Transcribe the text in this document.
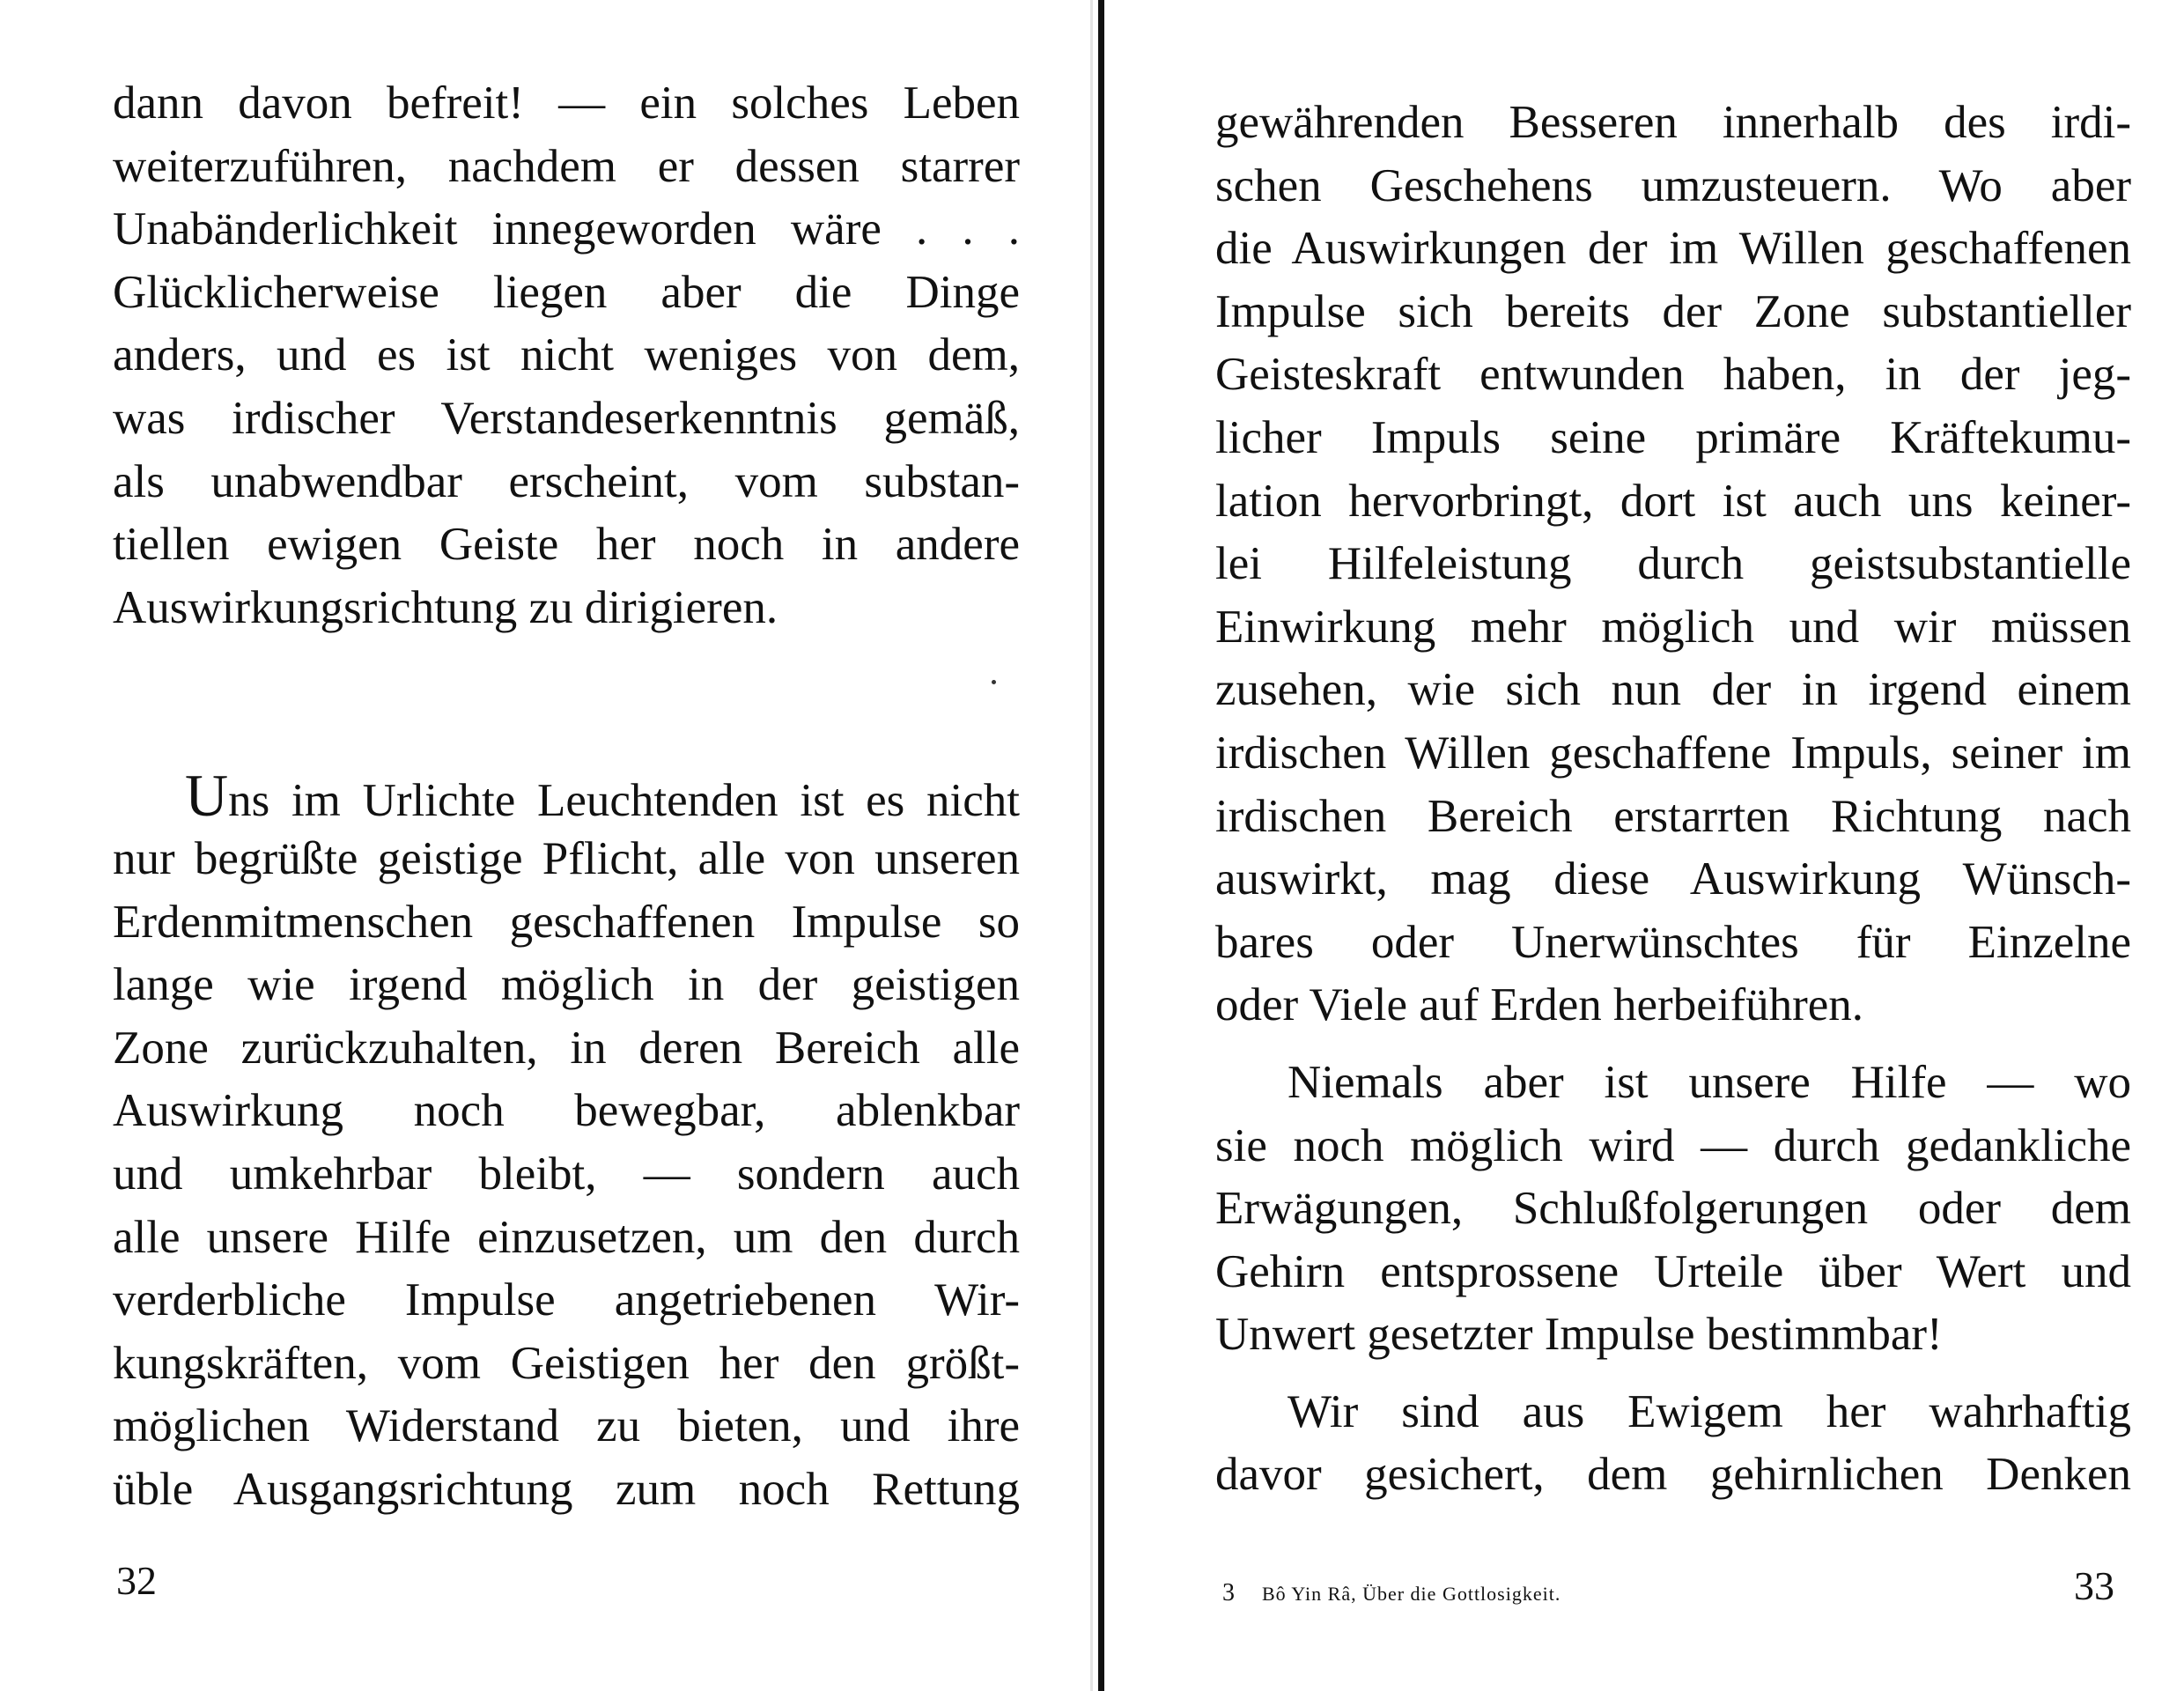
dann davon befreit! — ein solches Leben
weiterzuführen, nachdem er dessen starrer
Unabänderlichkeit innegeworden wäre . . .
Glücklicherweise liegen aber die Dinge
anders, und es ist nicht weniges von dem,
was irdischer Verstandeserkenntnis gemäß,
als unabwendbar erscheint, vom substan-
tiellen ewigen Geiste her noch in andere
Auswirkungsrichtung zu dirigieren.
Uns im Urlichte Leuchtenden ist es nicht
nur begrüßte geistige Pflicht, alle von unseren
Erdenmitmenschen geschaffenen Impulse so
lange wie irgend möglich in der geistigen
Zone zurückzuhalten, in deren Bereich alle
Auswirkung noch bewegbar, ablenkbar
und umkehrbar bleibt, — sondern auch
alle unsere Hilfe einzusetzen, um den durch
verderbliche Impulse angetriebenen Wir-
kungskräften, vom Geistigen her den größt-
möglichen Widerstand zu bieten, und ihre
üble Ausgangsrichtung zum noch Rettung
32
gewährenden Besseren innerhalb des irdi-
schen Geschehens umzusteuern. Wo aber
die Auswirkungen der im Willen geschaffenen
Impulse sich bereits der Zone substantieller
Geisteskraft entwunden haben, in der jeg-
licher Impuls seine primäre Kräftekumu-
lation hervorbringt, dort ist auch uns keiner-
lei Hilfeleistung durch geistsubstantielle
Einwirkung mehr möglich und wir müssen
zusehen, wie sich nun der in irgend einem
irdischen Willen geschaffene Impuls, seiner im
irdischen Bereich erstarrten Richtung nach
auswirkt, mag diese Auswirkung Wünsch-
bares oder Unerwünschtes für Einzelne
oder Viele auf Erden herbeiführen.
Niemals aber ist unsere Hilfe — wo
sie noch möglich wird — durch gedankliche
Erwägungen, Schlußfolgerungen oder dem
Gehirn entsprossene Urteile über Wert und
Unwert gesetzter Impulse bestimmbar!
Wir sind aus Ewigem her wahrhaftig
davor gesichert, dem gehirnlichen Denken
3 Bô Yin Râ, Über die Gottlosigkeit.	33
